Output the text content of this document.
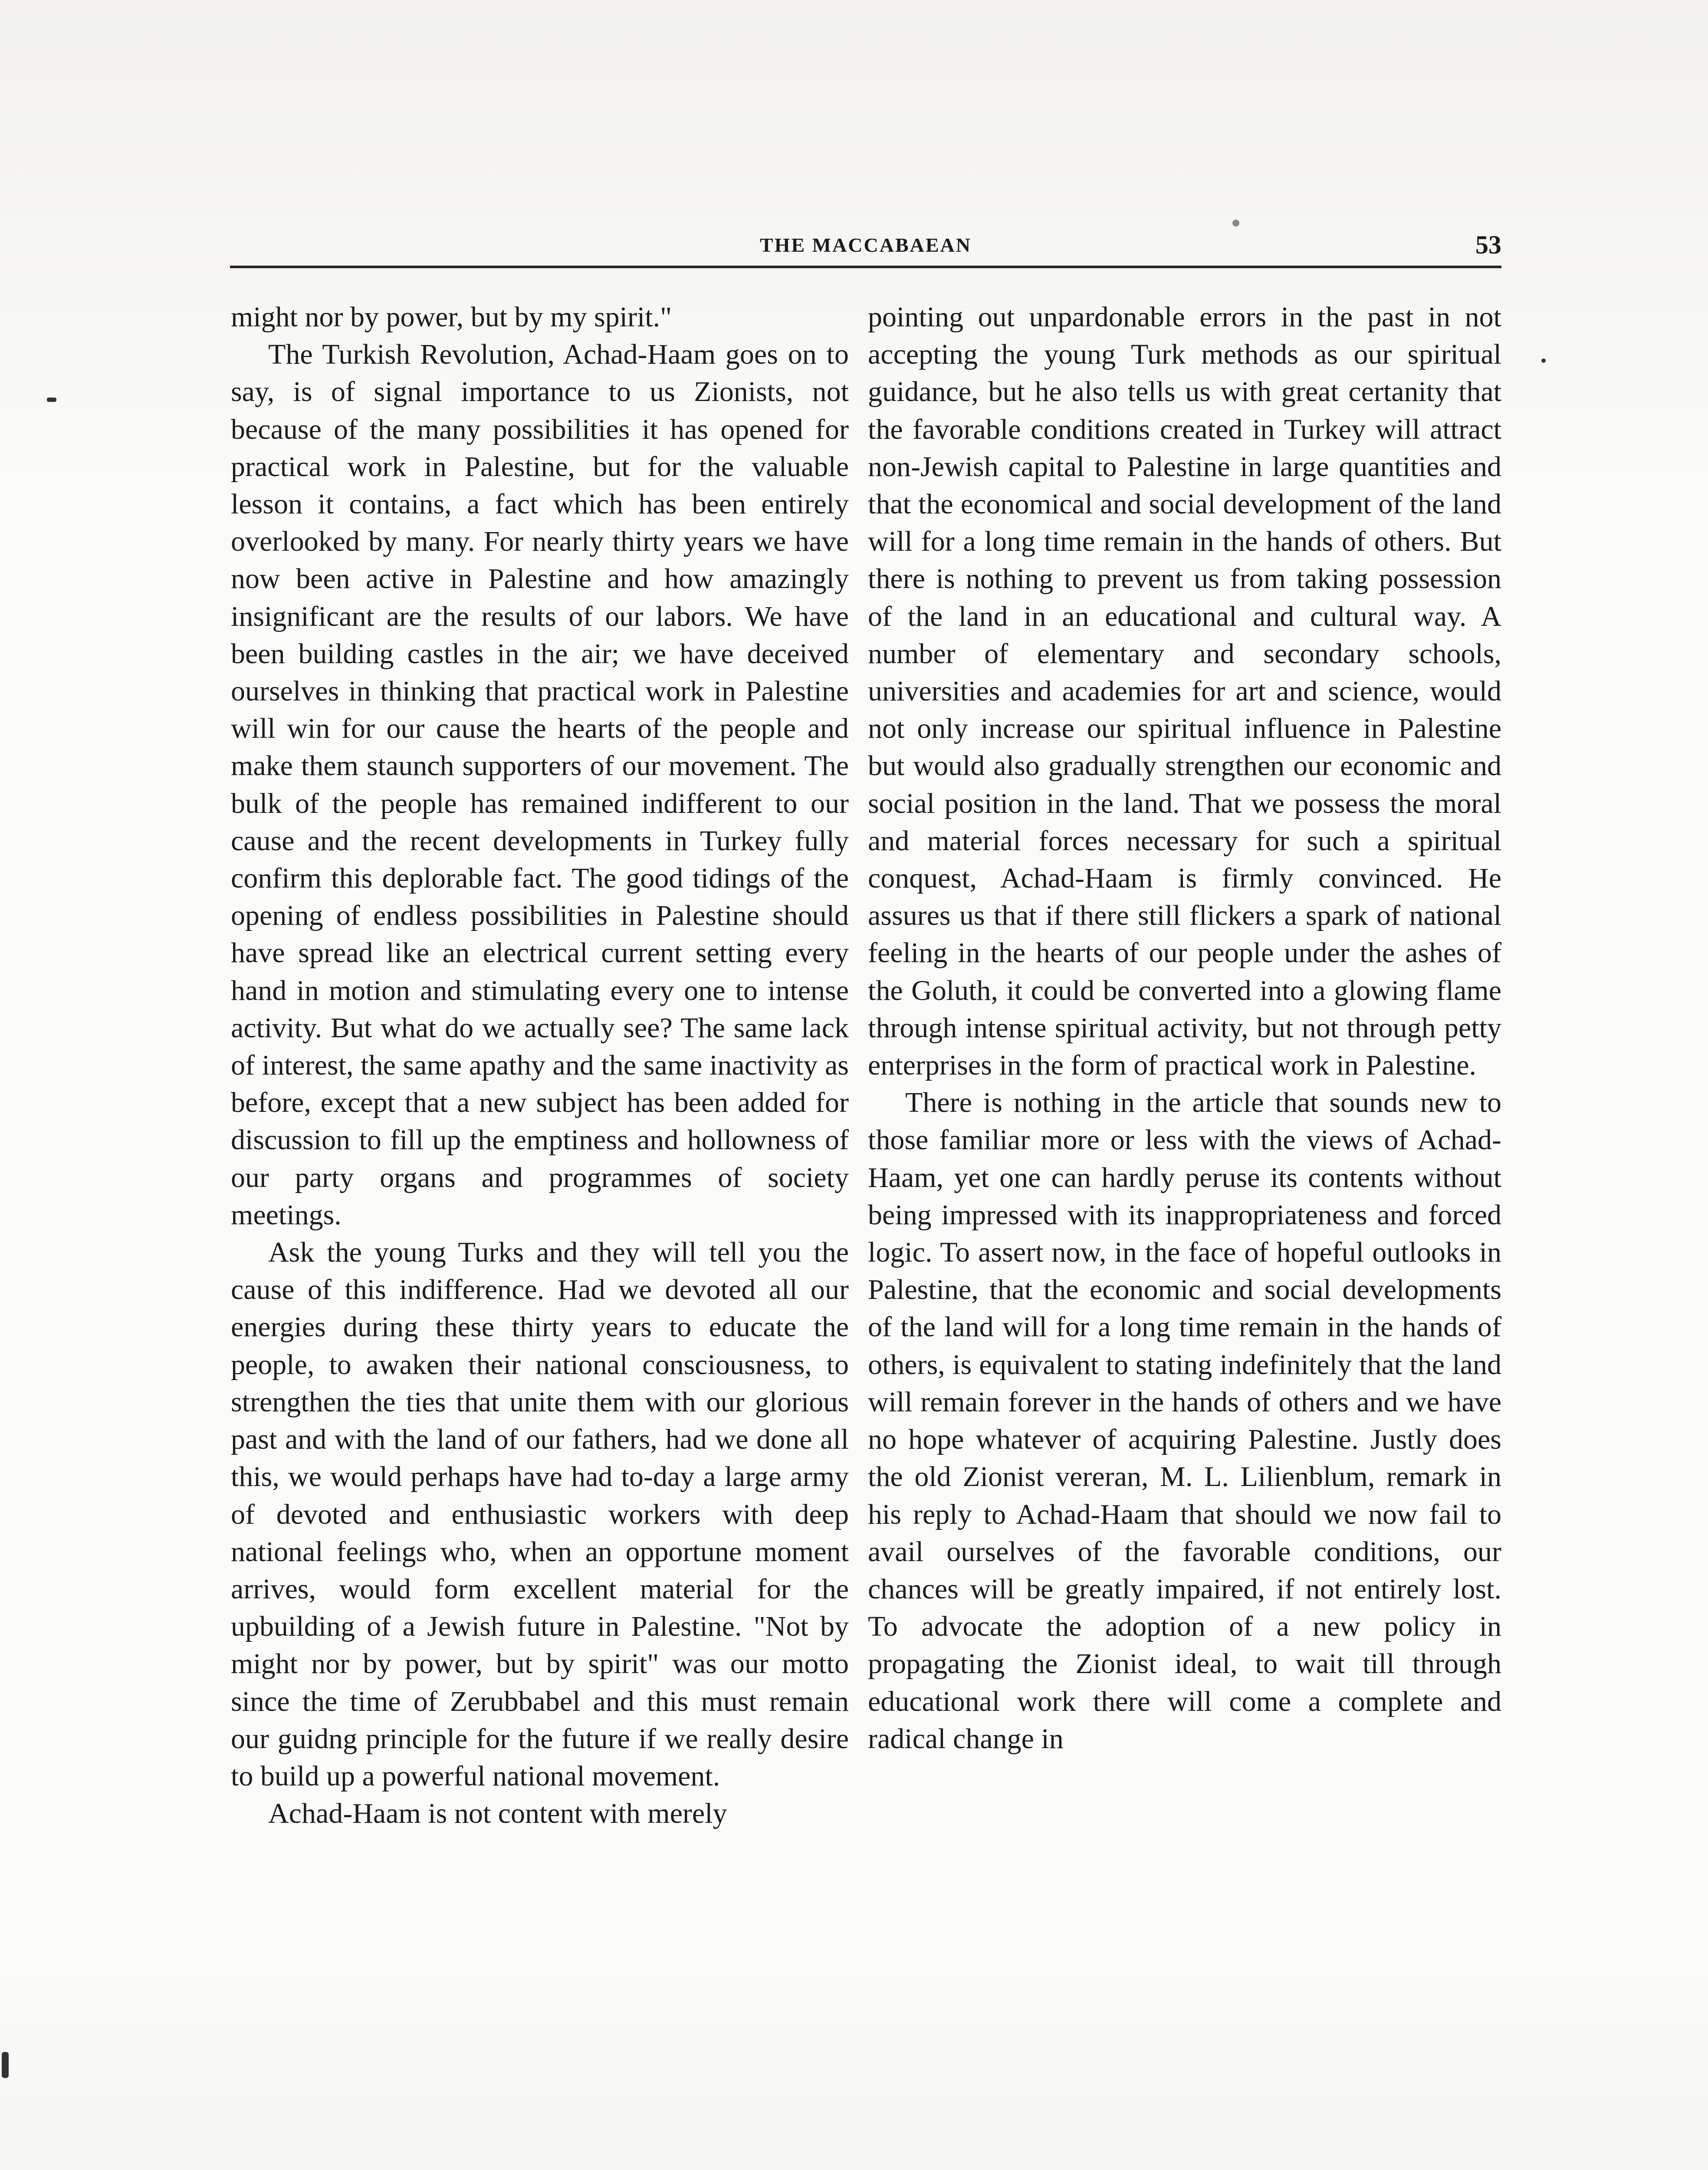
THE MACCABAEAN	53

might nor by power, but by my spirit."

The Turkish Revolution, Achad-Haam goes on to say, is of signal importance to us Zionists, not because of the many possibilities it has opened for practical work in Palestine, but for the valuable lesson it contains, a fact which has been entirely overlooked by many. For nearly thirty years we have now been active in Palestine and how amazingly insignificant are the results of our labors. We have been building castles in the air; we have deceived ourselves in thinking that practical work in Palestine will win for our cause the hearts of the people and make them staunch supporters of our movement. The bulk of the people has remained indifferent to our cause and the recent developments in Turkey fully confirm this deplorable fact. The good tidings of the opening of endless possibilities in Palestine should have spread like an electrical current setting every hand in motion and stimulating every one to intense activity. But what do we actually see? The same lack of interest, the same apathy and the same inactivity as before, except that a new subject has been added for discussion to fill up the emptiness and hollowness of our party organs and programmes of society meetings.

Ask the young Turks and they will tell you the cause of this indifference. Had we devoted all our energies during these thirty years to educate the people, to awaken their national consciousness, to strengthen the ties that unite them with our glorious past and with the land of our fathers, had we done all this, we would perhaps have had to-day a large army of devoted and enthusiastic workers with deep national feelings who, when an opportune moment arrives, would form excellent material for the upbuilding of a Jewish future in Palestine. "Not by might nor by power, but by spirit" was our motto since the time of Zerubbabel and this must remain our guidng principle for the future if we really desire to build up a powerful national movement.

Achad-Haam is not content with merely

pointing out unpardonable errors in the past in not accepting the young Turk methods as our spiritual guidance, but he also tells us with great certanity that the favorable conditions created in Turkey will attract non-Jewish capital to Palestine in large quantities and that the economical and social development of the land will for a long time remain in the hands of others. But there is nothing to prevent us from taking possession of the land in an educational and cultural way. A number of elementary and secondary schools, universities and academies for art and science, would not only increase our spiritual influence in Palestine but would also gradually strengthen our economic and social position in the land. That we possess the moral and material forces necessary for such a spiritual conquest, Achad-Haam is firmly convinced. He assures us that if there still flickers a spark of national feeling in the hearts of our people under the ashes of the Goluth, it could be converted into a glowing flame through intense spiritual activity, but not through petty enterprises in the form of practical work in Palestine.

There is nothing in the article that sounds new to those familiar more or less with the views of Achad-Haam, yet one can hardly peruse its contents without being impressed with its inappropriateness and forced logic. To assert now, in the face of hopeful outlooks in Palestine, that the economic and social developments of the land will for a long time remain in the hands of others, is equivalent to stating indefinitely that the land will remain forever in the hands of others and we have no hope whatever of acquiring Palestine. Justly does the old Zionist vereran, M. L. Lilienblum, remark in his reply to Achad-Haam that should we now fail to avail ourselves of the favorable conditions, our chances will be greatly impaired, if not entirely lost. To advocate the adoption of a new policy in propagating the Zionist ideal, to wait till through educational work there will come a complete and radical change in
